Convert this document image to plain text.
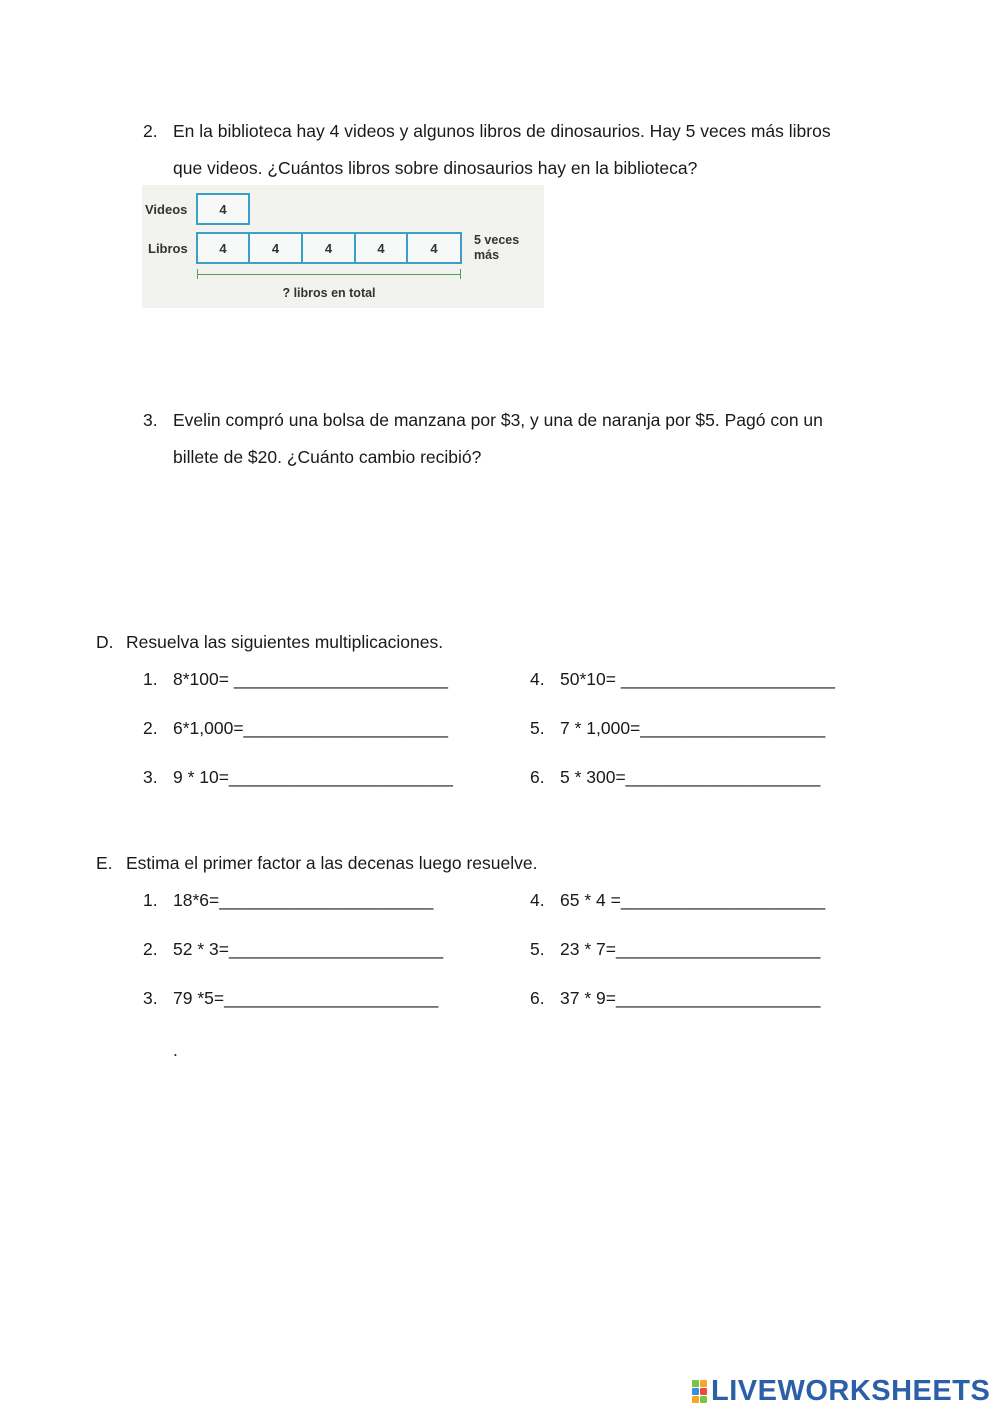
2. En la biblioteca hay 4 videos y algunos libros de dinosaurios. Hay 5 veces más libros
que videos. ¿Cuántos libros sobre dinosaurios hay en la biblioteca?
Videos	4
Libros	4	4	4	4	4
5 veces
más
? libros en total
3. Evelin compró una bolsa de manzana por $3, y una de naranja por $5. Pagó con un
billete de $20. ¿Cuánto cambio recibió?
D. Resuelva las siguientes multiplicaciones.
1. 8*100= ______________________	4. 50*10= ______________________
2. 6*1,000=_____________________	5. 7 * 1,000=___________________
3. 9 * 10=_______________________	6. 5 * 300=____________________
E. Estima el primer factor a las decenas luego resuelve.
1. 18*6=______________________	4. 65 * 4 =_____________________
2. 52 * 3=______________________	5. 23 * 7=_____________________
3. 79 *5=______________________	6. 37 * 9=_____________________
.
LIVEWORKSHEETS
